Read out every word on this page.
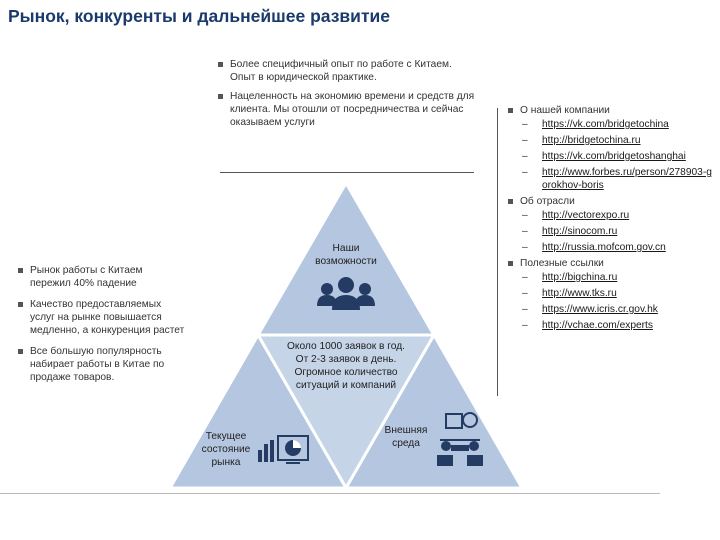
Рынок, конкуренты и дальнейшее развитие
Более специфичный опыт по работе с Китаем. Опыт в юридической практике.
Нацеленность на экономию времени и средств для клиента. Мы отошли от посредничества и сейчас оказываем услуги
Рынок работы с Китаем пережил 40% падение
Качество предоставляемых услуг на рынке повышается медленно, а конкуренция растет
Все большую популярность набирает работы в Китае по продаже товаров.
О нашей компании
– https://vk.com/bridgetochina
– http://bridgetochina.ru
– https://vk.com/bridgetoshanghai
– http://www.forbes.ru/person/278903-gorokhov-boris
Об отрасли
– http://vectorexpo.ru
– http://sinocom.ru
– http://russia.mofcom.gov.cn
Полезные ссылки
– http://bigchina.ru
– http://www.tks.ru
– https://www.icris.cr.gov.hk
– http://vchae.com/experts
Наши возможности
Около 1000 заявок в год. От 2-3 заявок в день. Огромное количество ситуаций и компаний
Текущее состояние рынка
Внешняя среда
